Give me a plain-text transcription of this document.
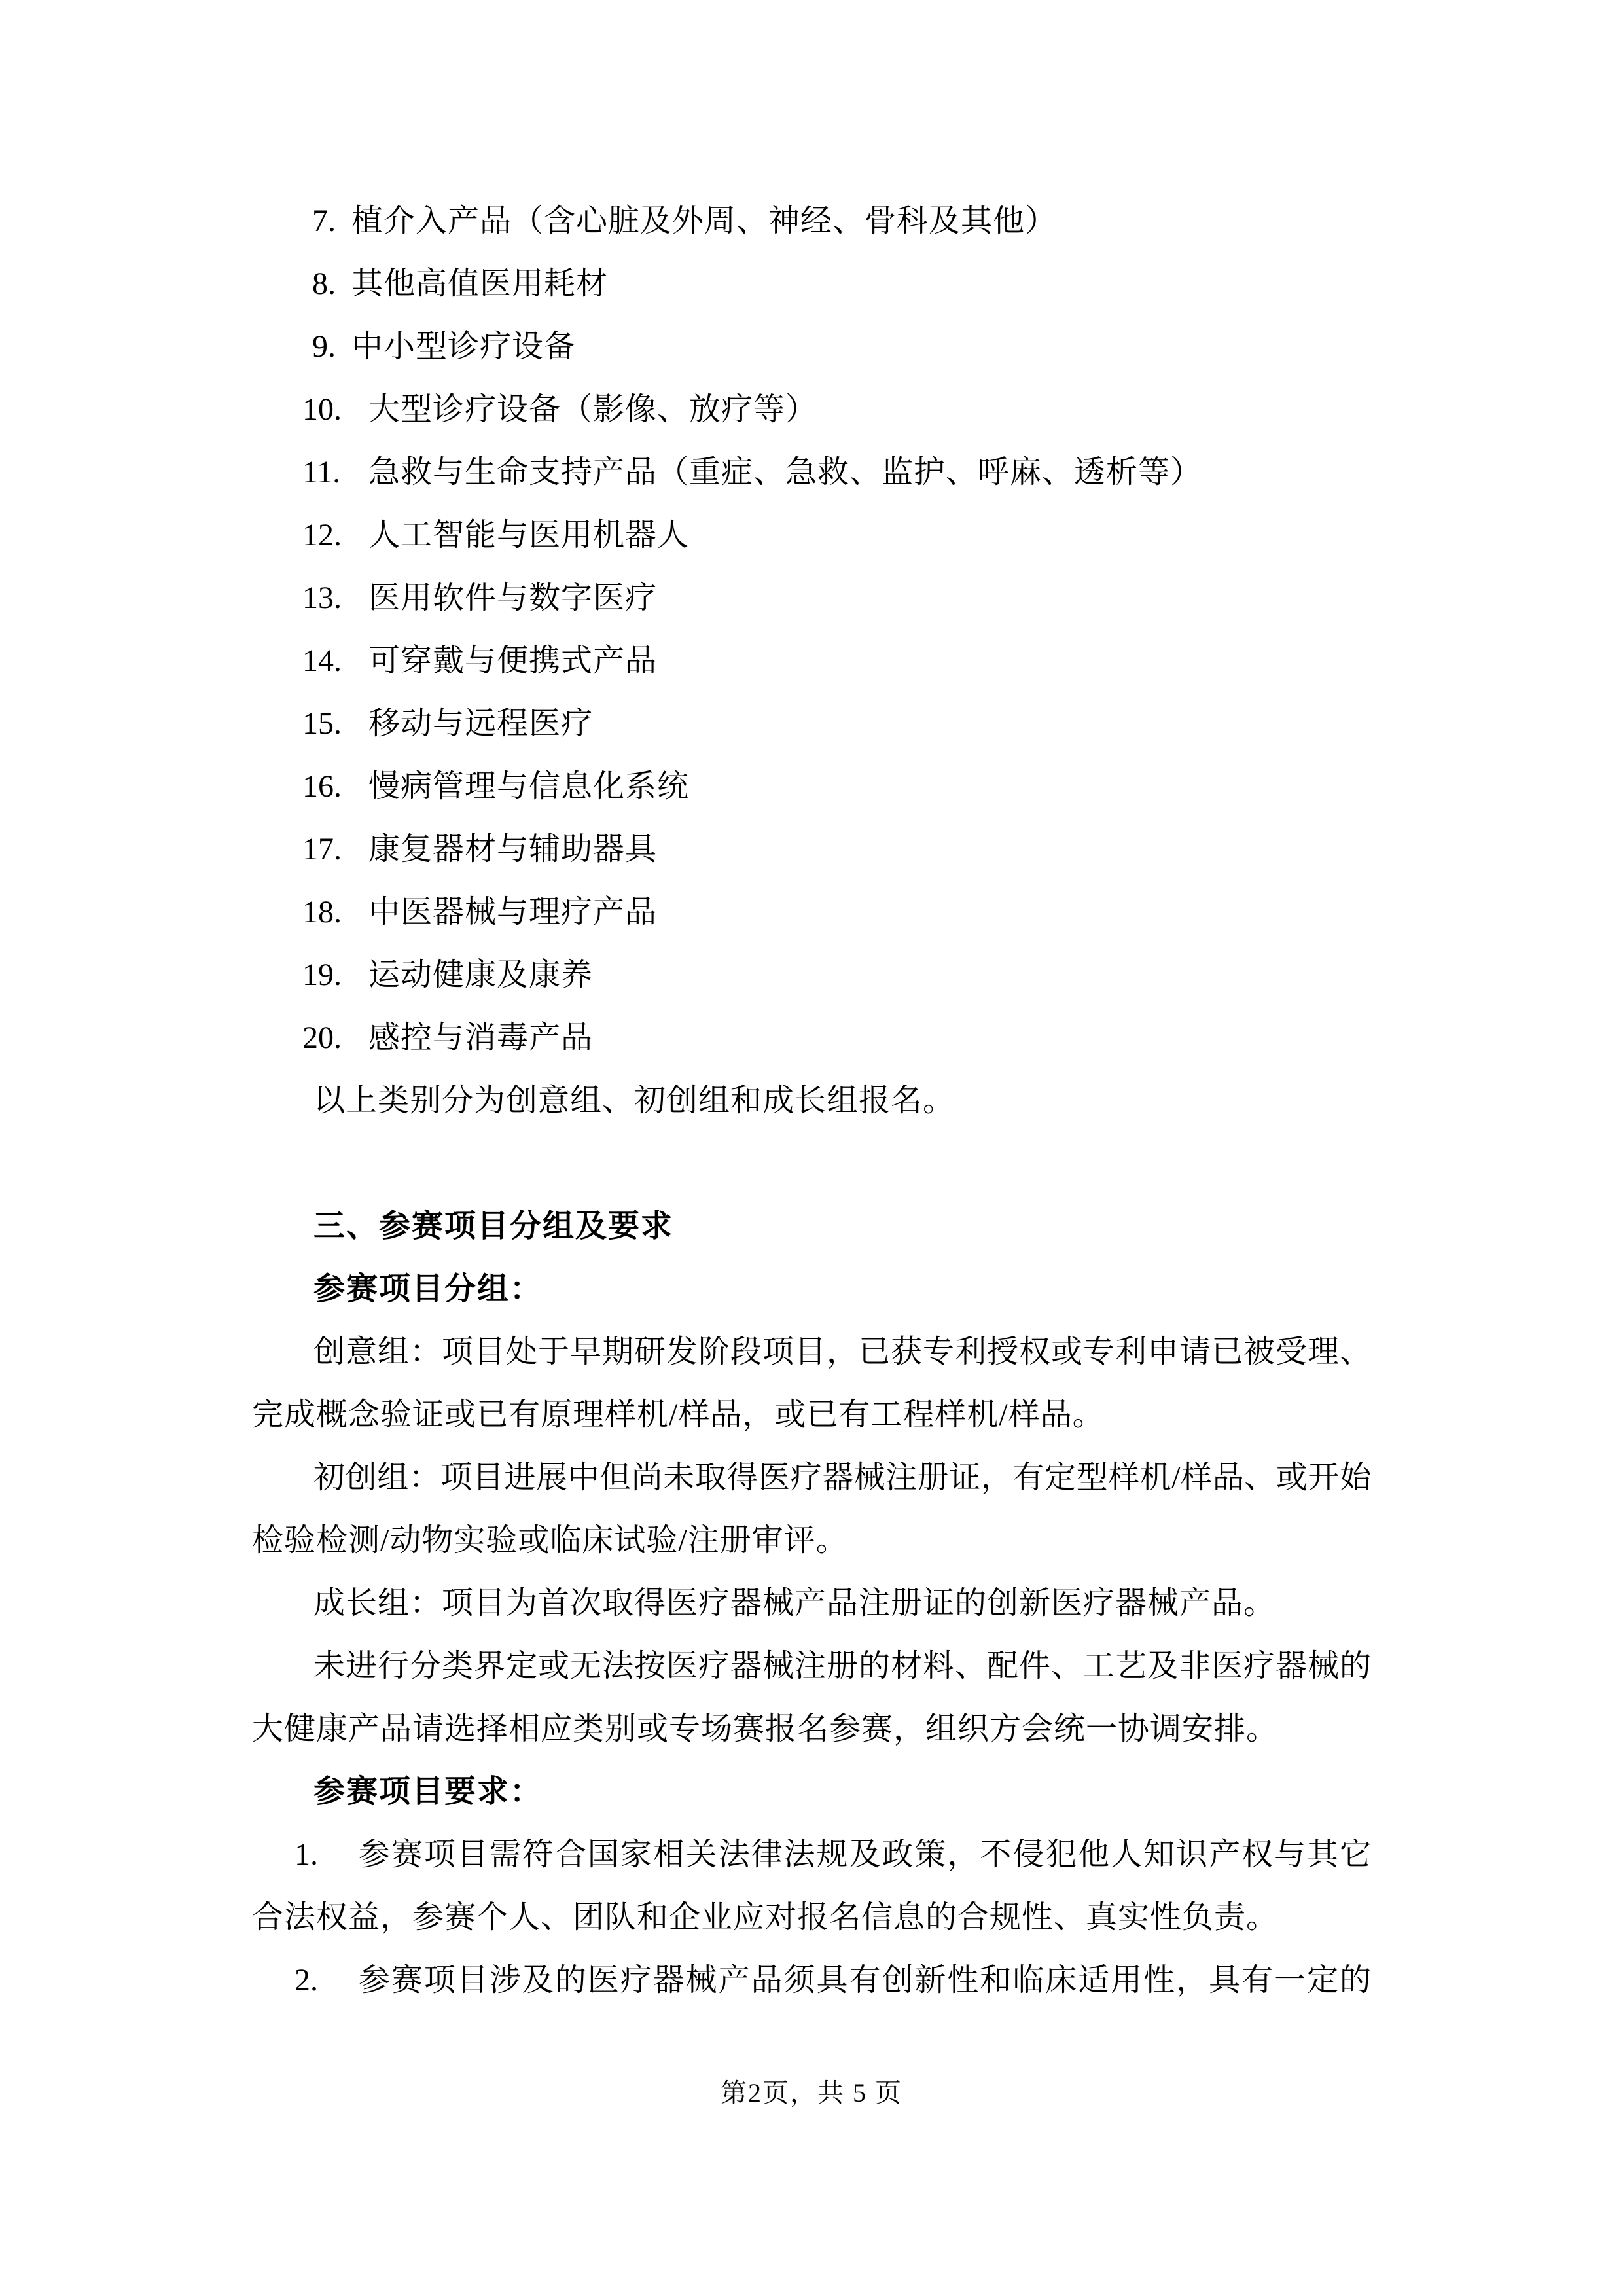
7. 植介入产品（含心脏及外周、神经、骨科及其他）
8. 其他高值医用耗材
9. 中小型诊疗设备
10. 大型诊疗设备（影像、放疗等）
11. 急救与生命支持产品（重症、急救、监护、呼麻、透析等）
12. 人工智能与医用机器人
13. 医用软件与数字医疗
14. 可穿戴与便携式产品
15. 移动与远程医疗
16. 慢病管理与信息化系统
17. 康复器材与辅助器具
18. 中医器械与理疗产品
19. 运动健康及康养
20. 感控与消毒产品
以上类别分为创意组、初创组和成长组报名。
三、参赛项目分组及要求
参赛项目分组：
创意组：项目处于早期研发阶段项目，已获专利授权或专利申请已被受理、
完成概念验证或已有原理样机/样品，或已有工程样机/样品。
初创组：项目进展中但尚未取得医疗器械注册证，有定型样机/样品、或开始
检验检测/动物实验或临床试验/注册审评。
成长组：项目为首次取得医疗器械产品注册证的创新医疗器械产品。
未进行分类界定或无法按医疗器械注册的材料、配件、工艺及非医疗器械的
大健康产品请选择相应类别或专场赛报名参赛，组织方会统一协调安排。
参赛项目要求：
1. 参赛项目需符合国家相关法律法规及政策，不侵犯他人知识产权与其它
合法权益，参赛个人、团队和企业应对报名信息的合规性、真实性负责。
2. 参赛项目涉及的医疗器械产品须具有创新性和临床适用性，具有一定的
第2页，共 5 页
